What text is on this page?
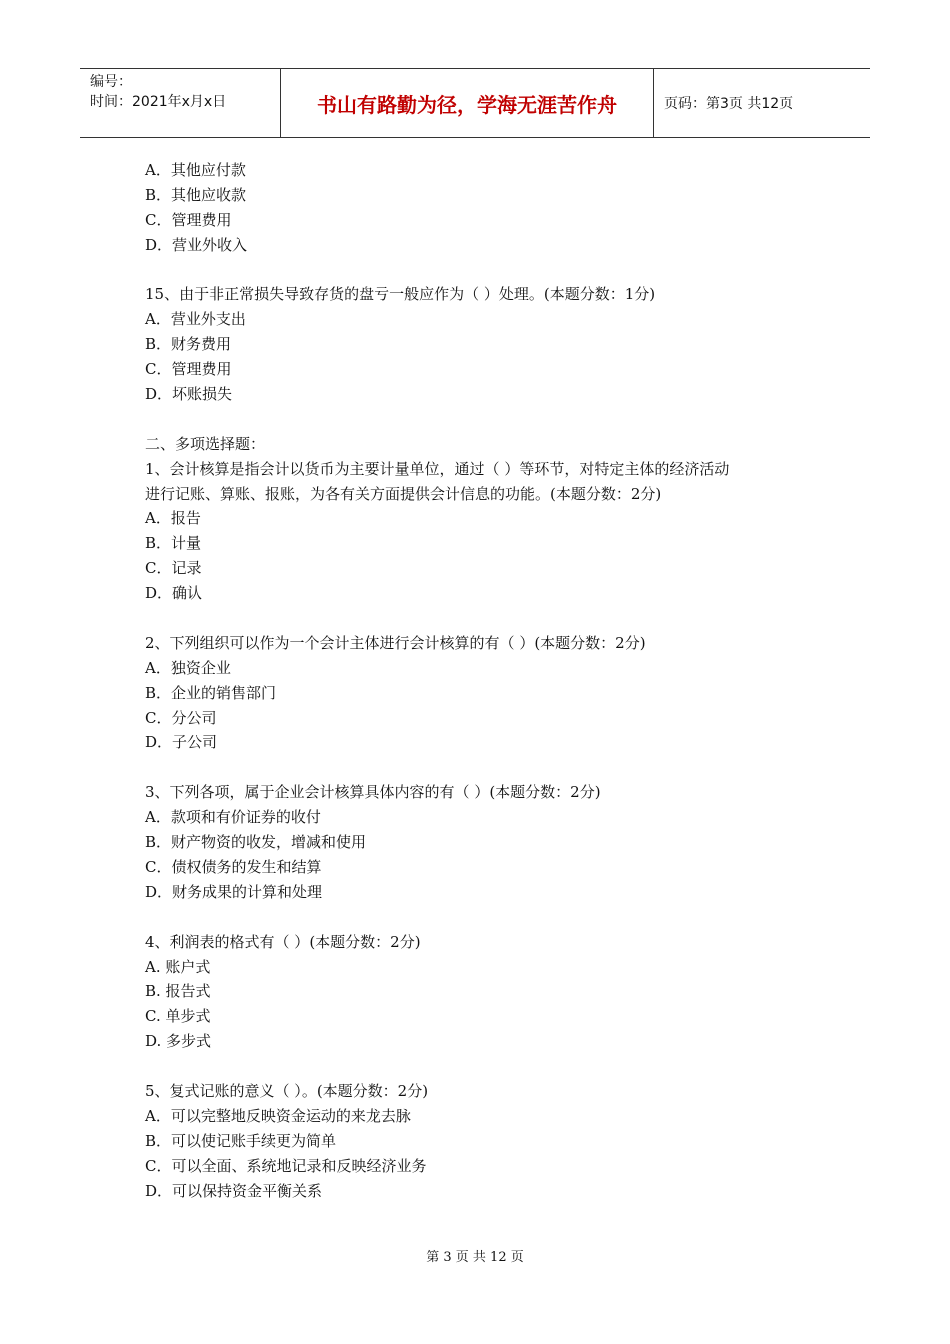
编号：
时间：2021年x月x日	书山有路勤为径，学海无涯苦作舟	页码：第3页 共12页
A．其他应付款
B．其他应收款
C．管理费用
D．营业外收入
15、由于非正常损失导致存货的盘亏一般应作为（ ）处理。(本题分数：1分)
A．营业外支出
B．财务费用
C．管理费用
D．坏账损失
二、多项选择题：
1、会计核算是指会计以货币为主要计量单位，通过（ ）等环节，对特定主体的经济活动
进行记账、算账、报账，为各有关方面提供会计信息的功能。(本题分数：2分)
A．报告
B．计量
C．记录
D．确认
2、下列组织可以作为一个会计主体进行会计核算的有（ ）(本题分数：2分)
A．独资企业
B．企业的销售部门
C．分公司
D．子公司
3、下列各项，属于企业会计核算具体内容的有（ ）(本题分数：2分)
A．款项和有价证券的收付
B．财产物资的收发，增减和使用
C．债权债务的发生和结算
D．财务成果的计算和处理
4、利润表的格式有（ ）(本题分数：2分)
A. 账户式
B. 报告式
C. 单步式
D. 多步式
5、复式记账的意义（ ）。(本题分数：2分)
A．可以完整地反映资金运动的来龙去脉
B．可以使记账手续更为简单
C．可以全面、系统地记录和反映经济业务
D．可以保持资金平衡关系
第 3 页 共 12 页
